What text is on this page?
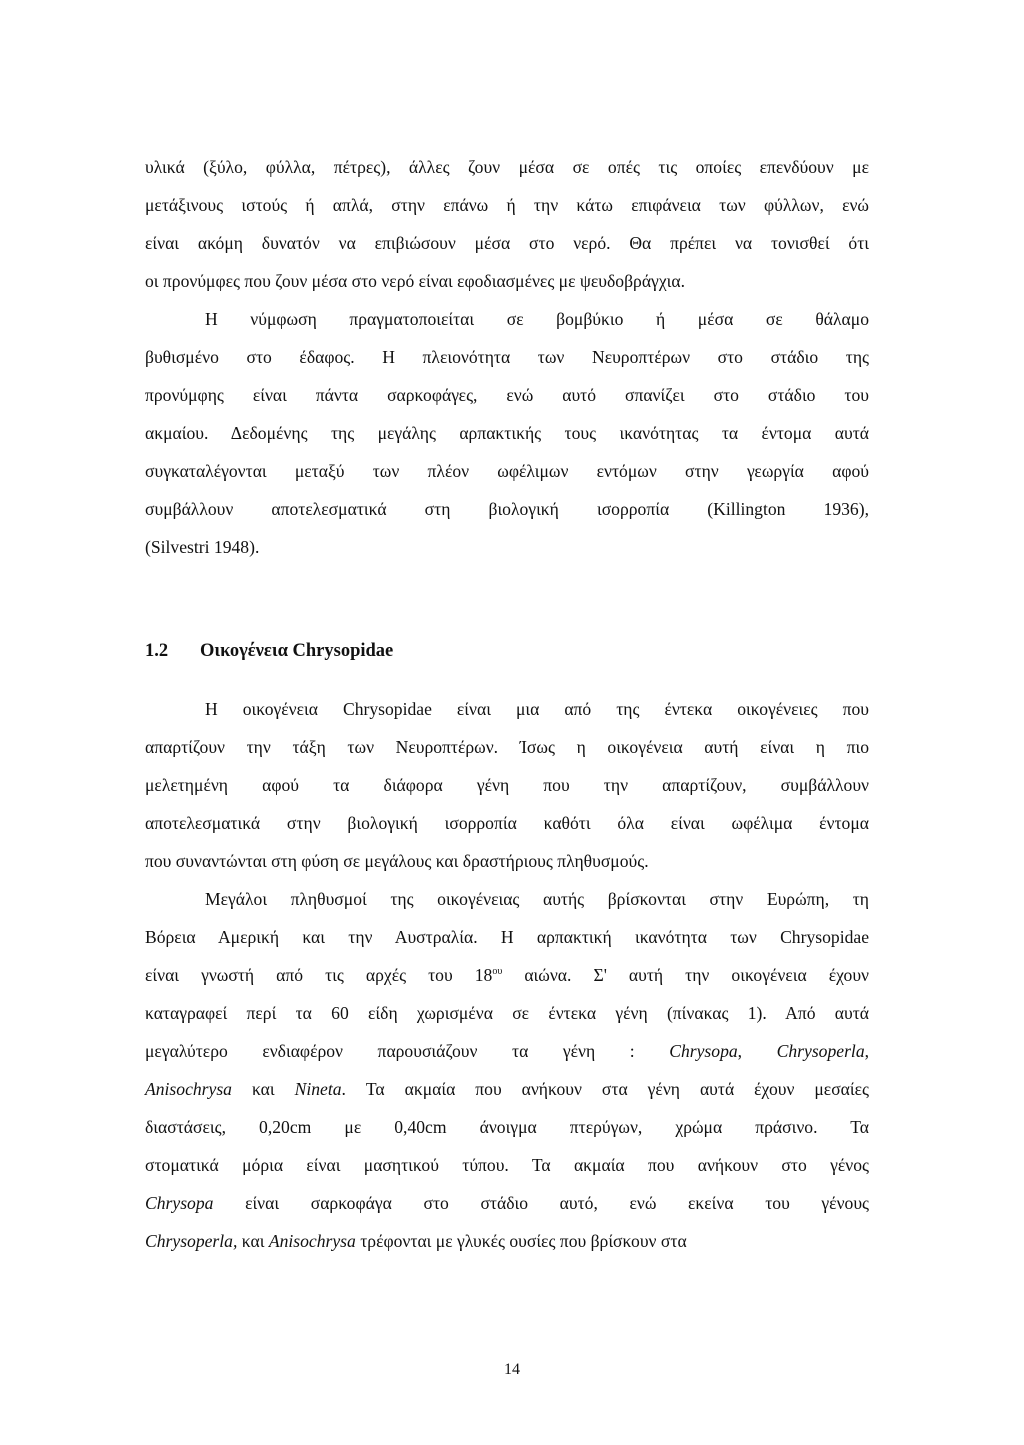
υλικά (ξύλο, φύλλα, πέτρες), άλλες ζουν μέσα σε οπές τις οποίες επενδύουν με
μετάξινους ιστούς ή απλά, στην επάνω ή την κάτω επιφάνεια των φύλλων, ενώ
είναι ακόμη δυνατόν να επιβιώσουν μέσα στο νερό. Θα πρέπει να τονισθεί ότι
οι προνύμφες που ζουν μέσα στο νερό είναι εφοδιασμένες με ψευδοβράγχια.
Η νύμφωση πραγματοποιείται σε βομβύκιο ή μέσα σε θάλαμο
βυθισμένο στο έδαφος. Η πλειονότητα των Νευροπτέρων στο στάδιο της
προνύμφης είναι πάντα σαρκοφάγες, ενώ αυτό σπανίζει στο στάδιο του
ακμαίου. Δεδομένης της μεγάλης αρπακτικής τους ικανότητας τα έντομα αυτά
συγκαταλέγονται μεταξύ των πλέον ωφέλιμων εντόμων στην γεωργία αφού
συμβάλλουν αποτελεσματικά στη βιολογική ισορροπία (Killington 1936),
(Silvestri 1948).
1.2 Οικογένεια Chrysopidae
Η οικογένεια Chrysopidae είναι μια από της έντεκα οικογένειες που
απαρτίζουν την τάξη των Νευροπτέρων. Ίσως η οικογένεια αυτή είναι η πιο
μελετημένη αφού τα διάφορα γένη που την απαρτίζουν, συμβάλλουν
αποτελεσματικά στην βιολογική ισορροπία καθότι όλα είναι ωφέλιμα έντομα
που συναντώνται στη φύση σε μεγάλους και δραστήριους πληθυσμούς.
Μεγάλοι πληθυσμοί της οικογένειας αυτής βρίσκονται στην Ευρώπη, τη
Βόρεια Αμερική και την Αυστραλία. Η αρπακτική ικανότητα των Chrysopidae
είναι γνωστή από τις αρχές του $18^{o\upsilon}$ αιώνα. Σ' αυτή την οικογένεια έχουν
καταγραφεί περί τα 60 είδη χωρισμένα σε έντεκα γένη (πίνακας 1). Από αυτά
μεγαλύτερο ενδιαφέρον παρουσιάζουν τα γένη : Chrysopa, Chrysoperla,
Anisochrysa και Nineta. Τα ακμαία που ανήκουν στα γένη αυτά έχουν μεσαίες
διαστάσεις, 0,20cm με 0,40cm άνοιγμα πτερύγων, χρώμα πράσινο. Τα
στοματικά μόρια είναι μασητικού τύπου. Τα ακμαία που ανήκουν στο γένος
Chrysopa είναι σαρκοφάγα στο στάδιο αυτό, ενώ εκείνα του γένους
Chrysoperla, και Anisochrysa τρέφονται με γλυκές ουσίες που βρίσκουν στα
14
